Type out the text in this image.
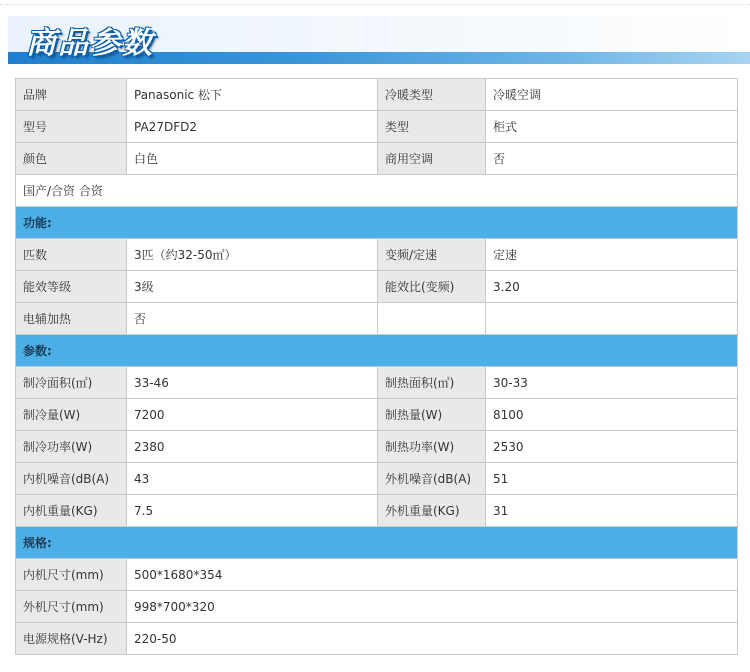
商品参数
品牌	Panasonic 松下	冷暖类型	冷暖空调
型号	PA27DFD2	类型	柜式
颜色	白色	商用空调	否
国产/合资 合资			
功能:			
匹数	3匹（约32-50㎡）	变频/定速	定速
能效等级	3级	能效比(变频)	3.20
电辅加热	否		
参数:			
制冷面积(㎡)	33-46	制热面积(㎡)	30-33
制冷量(W)	7200	制热量(W)	8100
制冷功率(W)	2380	制热功率(W)	2530
内机噪音(dB(A)	43	外机噪音(dB(A)	51
内机重量(KG)	7.5	外机重量(KG)	31
规格:			
内机尺寸(mm)	500*1680*354		
外机尺寸(mm)	998*700*320		
电源规格(V-Hz)	220-50		
